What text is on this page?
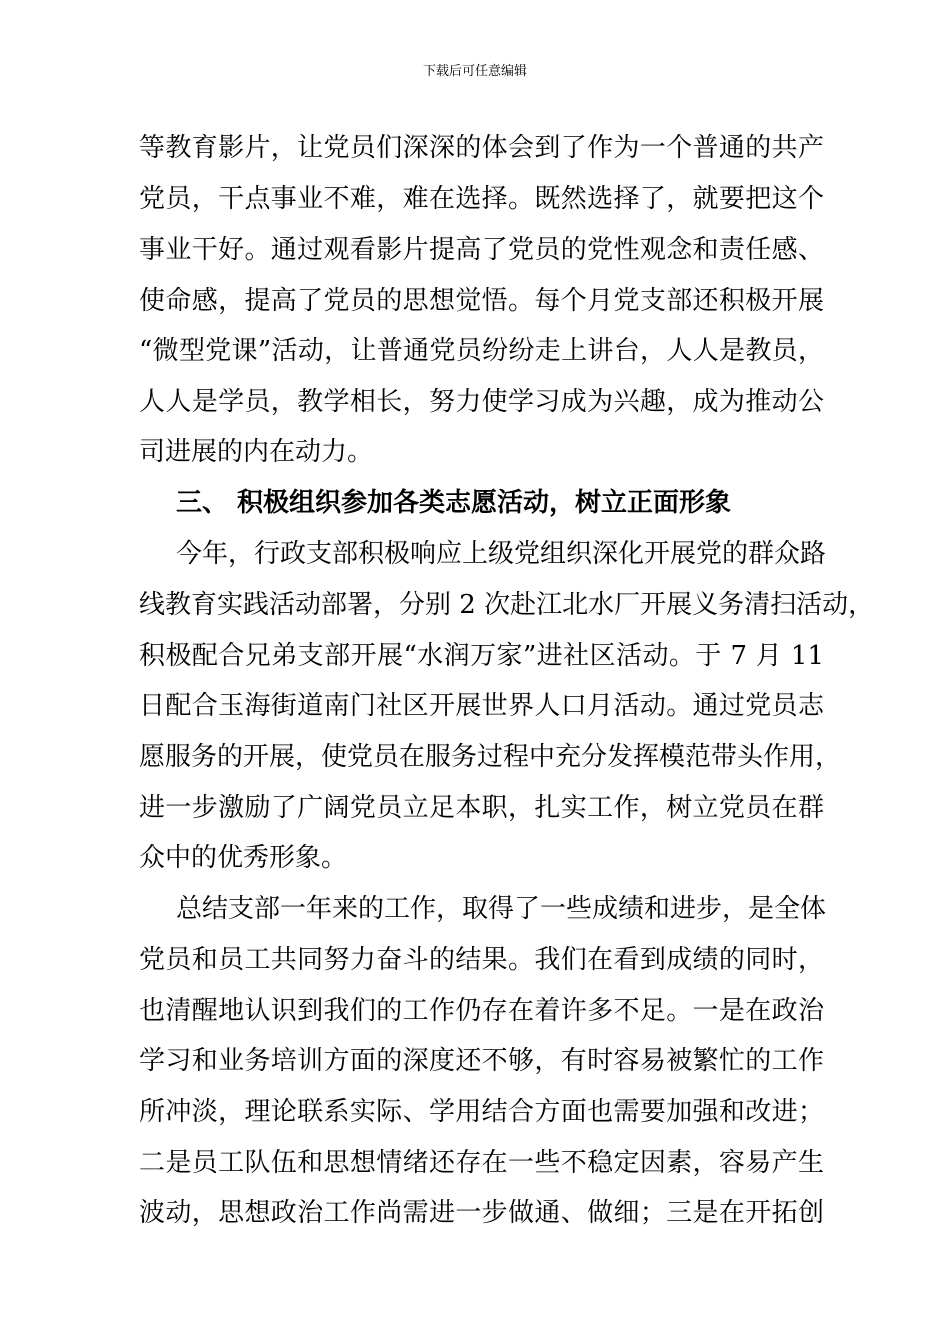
下载后可任意编辑
等教育影片，让党员们深深的体会到了作为一个普通的共产
党员，干点事业不难，难在选择。既然选择了，就要把这个
事业干好。通过观看影片提高了党员的党性观念和责任感、
使命感，提高了党员的思想觉悟。每个月党支部还积极开展
“微型党课”活动，让普通党员纷纷走上讲台，人人是教员，
人人是学员，教学相长，努力使学习成为兴趣，成为推动公
司进展的内在动力。
三、 积极组织参加各类志愿活动，树立正面形象
今年，行政支部积极响应上级党组织深化开展党的群众路
线教育实践活动部署，分别 2 次赴江北水厂开展义务清扫活动，
积极配合兄弟支部开展“水润万家”进社区活动。于 7 月 11
日配合玉海街道南门社区开展世界人口月活动。通过党员志
愿服务的开展，使党员在服务过程中充分发挥模范带头作用，
进一步激励了广阔党员立足本职，扎实工作，树立党员在群
众中的优秀形象。
总结支部一年来的工作，取得了一些成绩和进步，是全体
党员和员工共同努力奋斗的结果。我们在看到成绩的同时，
也清醒地认识到我们的工作仍存在着许多不足。一是在政治
学习和业务培训方面的深度还不够，有时容易被繁忙的工作
所冲淡，理论联系实际、学用结合方面也需要加强和改进；
二是员工队伍和思想情绪还存在一些不稳定因素，容易产生
波动，思想政治工作尚需进一步做通、做细；三是在开拓创
